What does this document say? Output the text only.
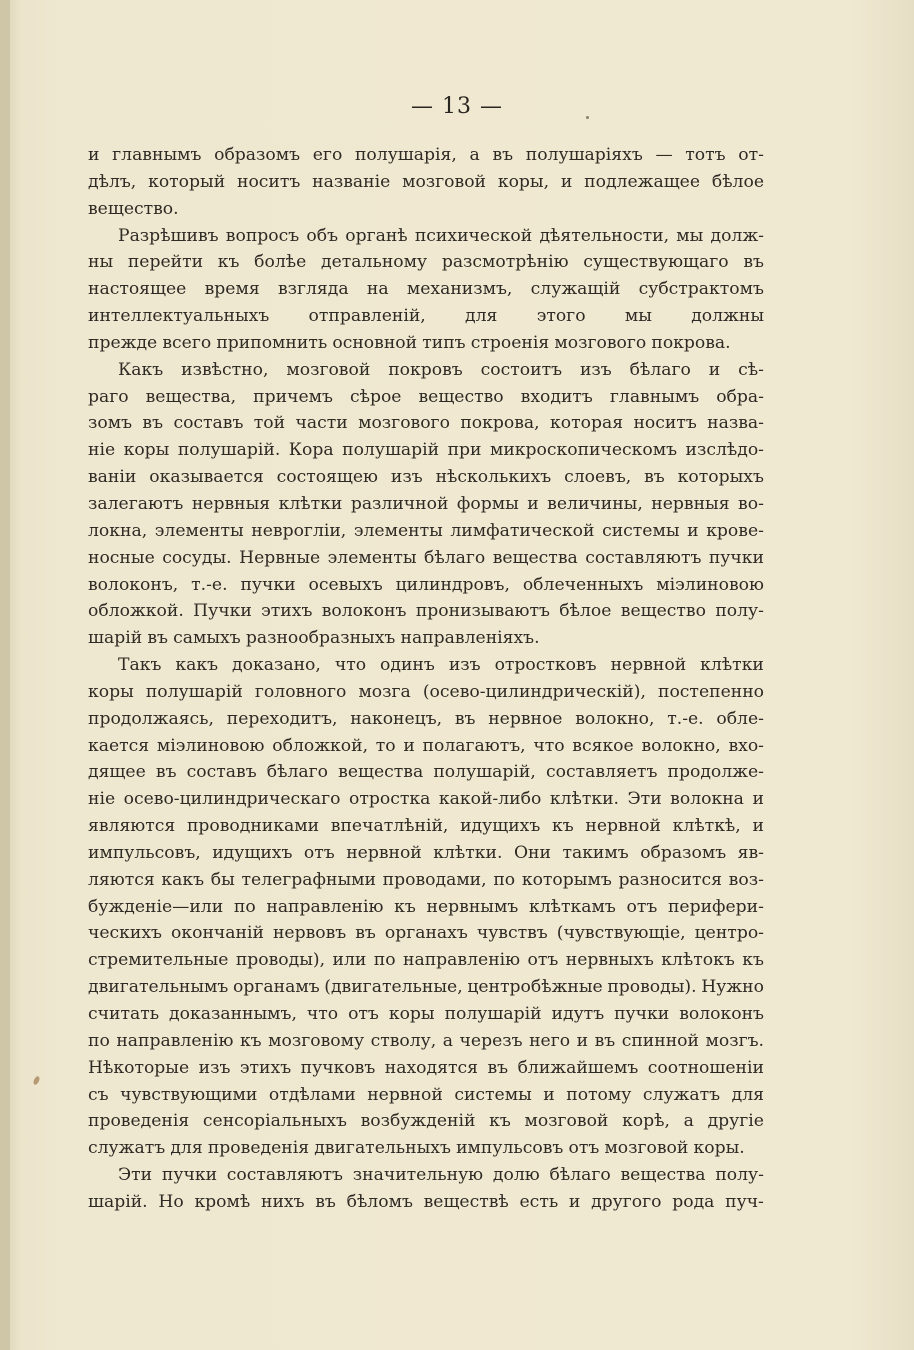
— 13 —
и главнымъ образомъ его полушарія, а въ полушаріяхъ — тотъ от-
дѣлъ, который носитъ названіе мозговой коры, и подлежащее бѣлое
вещество.
Разрѣшивъ вопросъ объ органѣ психической дѣятельности, мы долж-
ны перейти къ болѣе детальному разсмотрѣнію существующаго въ
настоящее время взгляда на механизмъ, служащій субстрактомъ
интеллектуальныхъ отправленій, для этого мы должны
прежде всего припомнить основной типъ строенія мозгового покрова.
Какъ извѣстно, мозговой покровъ состоитъ изъ бѣлаго и сѣ-
раго вещества, причемъ сѣрое вещество входитъ главнымъ обра-
зомъ въ составъ той части мозгового покрова, которая носитъ назва-
ніе коры полушарій. Кора полушарій при микроскопическомъ изслѣдо-
ваніи оказывается состоящею изъ нѣсколькихъ слоевъ, въ которыхъ
залегаютъ нервныя клѣтки различной формы и величины, нервныя во-
локна, элементы невроглiи, элементы лимфатической системы и крове-
носные сосуды. Нервные элементы бѣлаго вещества составляютъ пучки
волоконъ, т.-е. пучки осевыхъ цилиндровъ, облеченныхъ міэлиновою
обложкой. Пучки этихъ волоконъ пронизываютъ бѣлое вещество полу-
шарій въ самыхъ разнообразныхъ направленіяхъ.
Такъ какъ доказано, что одинъ изъ отростковъ нервной клѣтки
коры полушарій головного мозга (осево-цилиндрическій), постепенно
продолжаясь, переходитъ, наконецъ, въ нервное волокно, т.-е. обле-
кается міэлиновою обложкой, то и полагаютъ, что всякое волокно, вхо-
дящее въ составъ бѣлаго вещества полушарій, составляетъ продолже-
ніе осево-цилиндрическаго отростка какой-либо клѣтки. Эти волокна и
являются проводниками впечатлѣній, идущихъ къ нервной клѣткѣ, и
импульсовъ, идущихъ отъ нервной клѣтки. Они такимъ образомъ яв-
ляются какъ бы телеграфными проводами, по которымъ разносится воз-
бужденіе—или по направленію къ нервнымъ клѣткамъ отъ перифери-
ческихъ окончаній нервовъ въ органахъ чувствъ (чувствующіе, центро-
стремительные проводы), или по направленію отъ нервныхъ клѣтокъ къ
двигательнымъ органамъ (двигательные, центробѣжные проводы). Нужно
считать доказаннымъ, что отъ коры полушарій идутъ пучки волоконъ
по направленію къ мозговому стволу, а черезъ него и въ спинной мозгъ.
Нѣкоторые изъ этихъ пучковъ находятся въ ближайшемъ соотношеніи
съ чувствующими отдѣлами нервной системы и потому служатъ для
проведенія сенсоріальныхъ возбужденій къ мозговой корѣ, а другіе
служатъ для проведенія двигательныхъ импульсовъ отъ мозговой коры.
Эти пучки составляютъ значительную долю бѣлаго вещества полу-
шарій. Но кромѣ нихъ въ бѣломъ веществѣ есть и другого рода пуч-
